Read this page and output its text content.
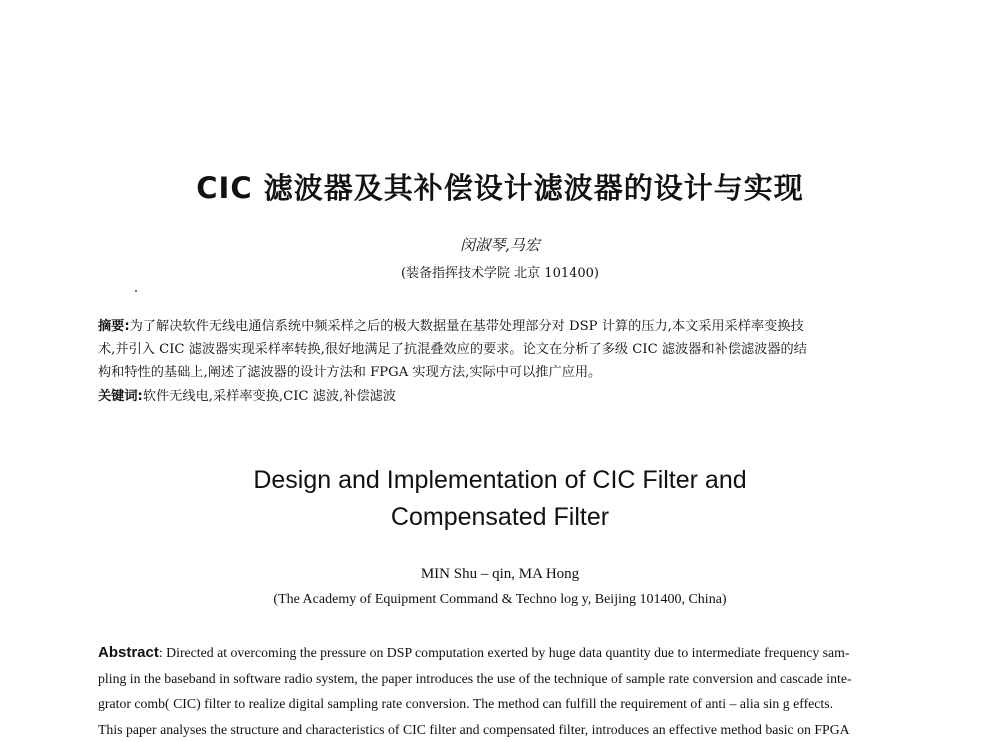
CIC 滤波器及其补偿设计滤波器的设计与实现
闵淑琴,马宏
(装备指挥技术学院 北京 101400)
摘要:为了解决软件无线电通信系统中频采样之后的极大数据量在基带处理部分对 DSP 计算的压力,本文采用采样率变换技
术,并引入 CIC 滤波器实现采样率转换,很好地满足了抗混叠效应的要求。论文在分析了多级 CIC 滤波器和补偿滤波器的结
构和特性的基础上,阐述了滤波器的设计方法和 FPGA 实现方法,实际中可以推广应用。
关键词:软件无线电,采样率变换,CIC 滤波,补偿滤波
Design and Implementation of CIC Filter and
Compensated Filter
MIN Shu – qin, MA Hong
(The Academy of Equipment Command & Techno log y, Beijing 101400, China)
Abstract: Directed at overcoming the pressure on DSP computation exerted by huge data quantity due to intermediate frequency sam-
pling in the baseband in software radio system, the paper introduces the use of the technique of sample rate conversion and cascade inte-
grator comb( CIC) filter to realize digital sampling rate conversion. The method can fulfill the requirement of anti – alia sin g effects.
This paper analyses the structure and characteristics of CIC filter and compensated filter, introduces an effective method basic on FPGA
